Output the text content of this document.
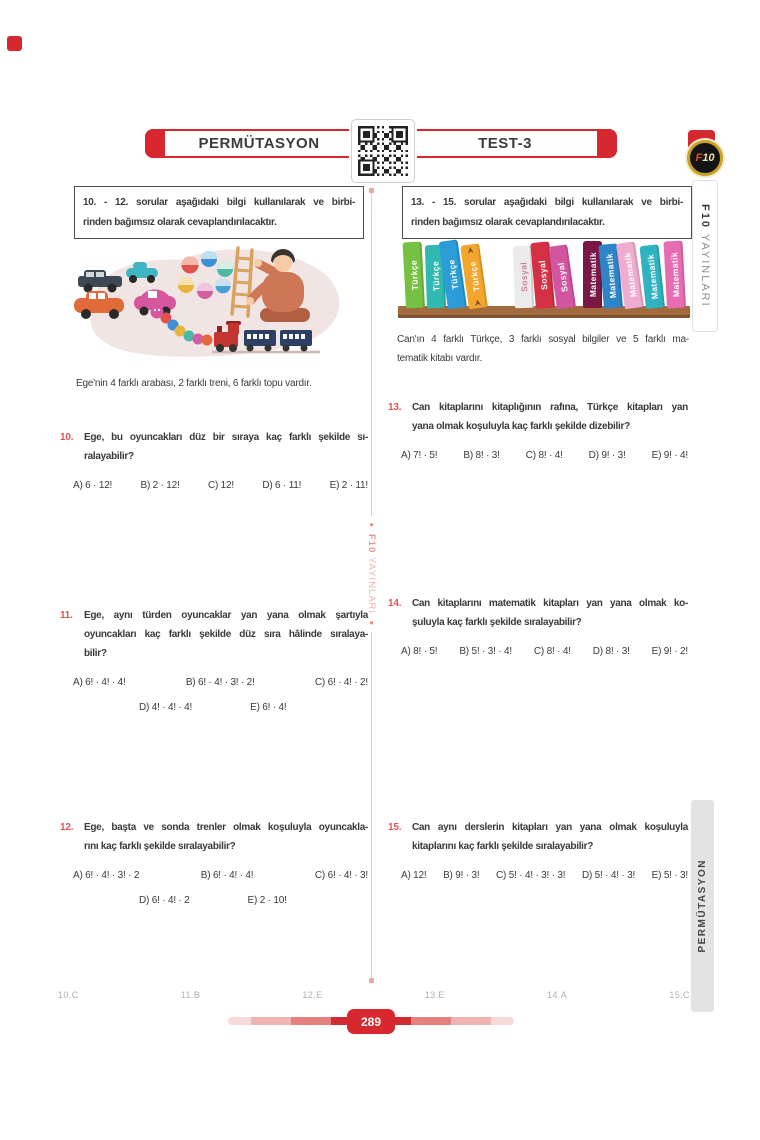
PERMÜTASYON	TEST-3
F 10
F10 YAYINLARI
PERMÜTASYON
●F10 YAYINLARI●
10. - 12. sorular aşağıdaki bilgi kullanılarak ve birbi-
rinden bağımsız olarak cevaplandırılacaktır.
13. - 15. sorular aşağıdaki bilgi kullanılarak ve birbi-
rinden bağımsız olarak cevaplandırılacaktır.
Ege'nin 4 farklı arabası, 2 farklı treni, 6 farklı topu vardır.
Türkçe Türkçe Türkçe Türkçe
➤
➤
Sosyal Sosyal Sosyal Matematik Matematik Matematik Matematik Matematik
Can'ın 4 farklı Türkçe, 3 farklı sosyal bilgiler ve 5 farklı ma-
tematik kitabı vardır.
10.C	11.B	12.E	13.E	14.A	15.C
289
10. Ege, bu oyuncakları düz bir sıraya kaç farklı şekilde sı-
ralayabilir?
A) 6 · 12!	B) 2 · 12!	C) 12!	D) 6 · 11!	E) 2 · 11!
11. Ege, aynı türden oyuncaklar yan yana olmak şartıyla
oyuncakları kaç farklı şekilde düz sıra hâlinde sıralaya-
bilir?
A) 6! · 4! · 4!	B) 6! · 4! · 3! · 2!	C) 6! · 4! · 2!
D) 4! · 4! · 4!	E) 6! · 4!
12. Ege, başta ve sonda trenler olmak koşuluyla oyuncakla-
rını kaç farklı şekilde sıralayabilir?
A) 6! · 4! · 3! · 2	B) 6! · 4! · 4!	C) 6! · 4! · 3!
D) 6! · 4! · 2	E) 2 · 10!
13. Can kitaplarını kitaplığının rafına, Türkçe kitapları yan
yana olmak koşuluyla kaç farklı şekilde dizebilir?
A) 7! · 5!	B) 8! · 3!	C) 8! · 4!	D) 9! · 3!	E) 9! · 4!
14. Can kitaplarını matematik kitapları yan yana olmak ko-
şuluyla kaç farklı şekilde sıralayabilir?
A) 8! · 5! B) 5! · 3! · 4! C) 8! · 4! D) 8! · 3! E) 9! · 2!
15. Can aynı derslerin kitapları yan yana olmak koşuluyla
kitaplarını kaç farklı şekilde sıralayabilir?
A) 12! B) 9! · 3! C) 5! · 4! · 3! · 3! D) 5! · 4! · 3! E) 5! · 3!
